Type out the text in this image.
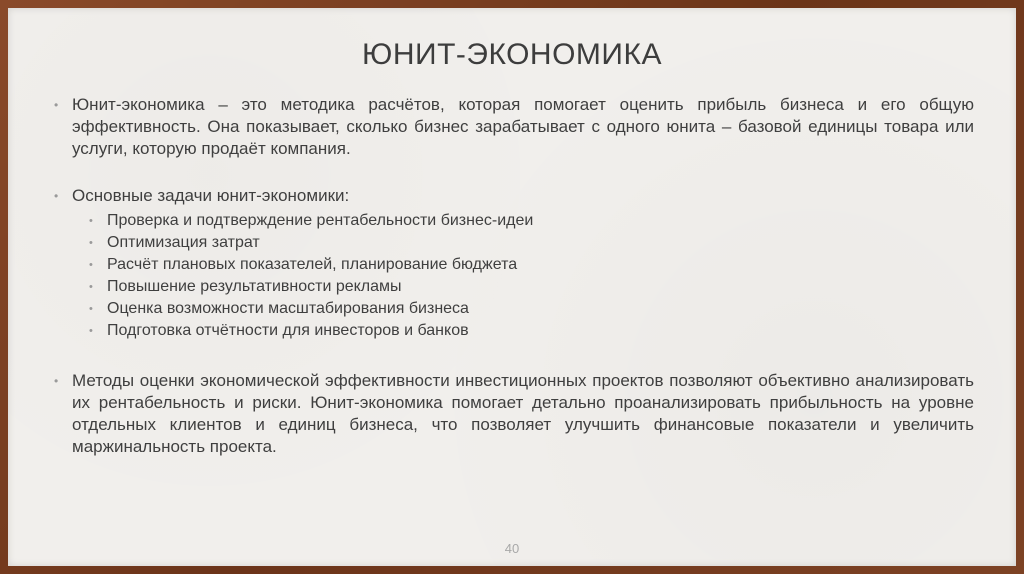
ЮНИТ-ЭКОНОМИКА

• Юнит-экономика – это методика расчётов, которая помогает оценить прибыль бизнеса и его общую эффективность. Она показывает, сколько бизнес зарабатывает с одного юнита – базовой единицы товара или услуги, которую продаёт компания.

• Основные задачи юнит-экономики:

• Проверка и подтверждение рентабельности бизнес-идеи
• Оптимизация затрат
• Расчёт плановых показателей, планирование бюджета
• Повышение результативности рекламы
• Оценка возможности масштабирования бизнеса
• Подготовка отчётности для инвесторов и банков

• Методы оценки экономической эффективности инвестиционных проектов позволяют объективно анализировать их рентабельность и риски. Юнит-экономика помогает детально проанализировать прибыльность на уровне отдельных клиентов и единиц бизнеса, что позволяет улучшить финансовые показатели и увеличить маржинальность проекта.

40
